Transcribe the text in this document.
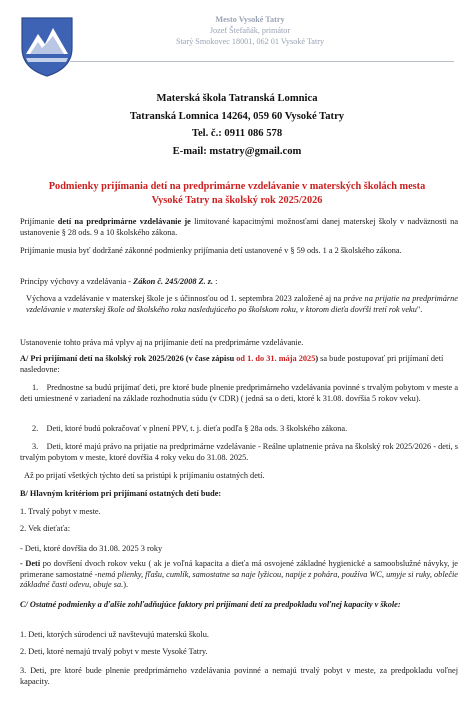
Mesto Vysoké Tatry
Jozef Štefaňák, primátor
Starý Smokovec 18001, 062 01 Vysoké Tatry
Materská škola Tatranská Lomnica
Tatranská Lomnica 14264, 059 60 Vysoké Tatry
Tel. č.: 0911 086 578
E-mail: mstatry@gmail.com
Podmienky prijímania detí na predprimárne vzdelávanie v materských školách mesta
Vysoké Tatry na školský rok 2025/2026

Prijímanie detí na predprimárne vzdelávanie je limitované kapacitnými možnosťami danej materskej školy v nadväznosti na ustanovenie § 28 ods. 9 a 10 školského zákona.

Prijímanie musia byť dodržané zákonné podmienky prijímania detí ustanovené v § 59 ods. 1 a 2 školského zákona.

Princípy výchovy a vzdelávania - Zákon č. 245/2008 Z. z. :

Výchova a vzdelávanie v materskej škole je s účinnosťou od 1. septembra 2023 založené aj na práve na prijatie na predprimárne vzdelávanie v materskej škole od školského roka nasledujúceho po školskom roku, v ktorom dieťa dovŕši tretí rok veku".

Ustanovenie tohto práva má vplyv aj na prijímanie detí na predprimárne vzdelávanie.

A/ Pri prijímaní detí na školský rok 2025/2026 (v čase zápisu od 1. do 31. mája 2025) sa bude postupovať pri prijímaní detí nasledovne:

1. Prednostne sa budú prijímať deti, pre ktoré bude plnenie predprimárneho vzdelávania povinné s trvalým pobytom v meste a deti umiestnené v zariadení na základe rozhodnutia súdu (v CDR) ( jedná sa o deti, ktoré k 31.08. dovŕšia 5 rokov veku).

2. Deti, ktoré budú pokračovať v plnení PPV, t. j. dieťa podľa § 28a ods. 3 školského zákona.

3. Deti, ktoré majú právo na prijatie na predprimárne vzdelávanie - Reálne uplatnenie práva na školský rok 2025/2026 - deti, s trvalým pobytom v meste, ktoré dovŕšia 4 roky veku do 31.08. 2025.

Až po prijatí všetkých týchto detí sa pristúpi k prijímaniu ostatných detí.

B/ Hlavným kritériom pri prijímaní ostatných detí bude:

1. Trvalý pobyt v meste.

2. Vek dieťaťa:

- Deti, ktoré dovŕšia do 31.08. 2025 3 roky

- Deti po dovŕšení dvoch rokov veku ( ak je voľná kapacita a dieťa má osvojené základné hygienické a samoobslužné návyky, je primerane samostatné -nemá plienky, fľašu, cumlík, samostatne sa naje lyžicou, napije z pohára, používa WC, umyje si ruky, oblečie základné časti odevu, obuje sa.).

C/ Ostatné podmienky a ďalšie zohľadňujúce faktory pri prijímaní detí za predpokladu voľnej kapacity v škole:

1. Deti, ktorých súrodenci už navštevujú materskú školu.

2. Deti, ktoré nemajú trvalý pobyt v meste Vysoké Tatry.

3. Deti, pre ktoré bude plnenie predprimárneho vzdelávania povinné a nemajú trvalý pobyt v meste, za predpokladu voľnej kapacity.
